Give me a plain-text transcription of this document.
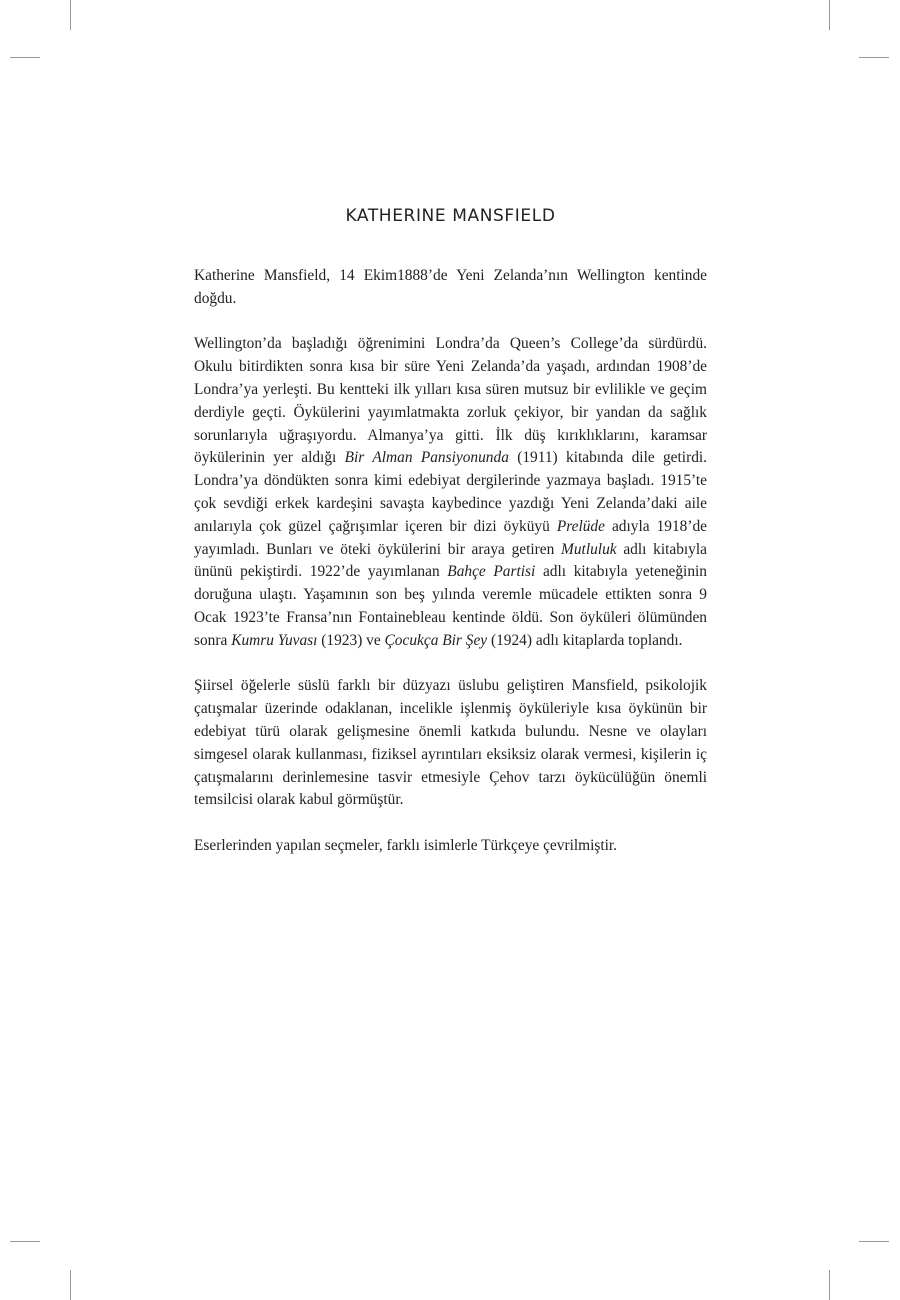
KATHERINE MANSFIELD

Katherine Mansfield, 14 Ekim1888’de Yeni Zelanda’nın Wellington kentinde doğdu.

Wellington’da başladığı öğrenimini Londra’da Queen’s College’da sürdürdü. Okulu bitirdikten sonra kısa bir süre Yeni Zelanda’da yaşadı, ardından 1908’de Londra’ya yerleşti. Bu kentteki ilk yılları kısa süren mutsuz bir evlilikle ve geçim derdiyle geçti. Öykülerini yayımlatmakta zorluk çekiyor, bir yandan da sağlık sorunlarıyla uğraşıyordu. Almanya’ya gitti. İlk düş kırıklıklarını, karamsar öykülerinin yer aldığı Bir Alman Pansiyonunda (1911) kitabında dile getirdi. Londra’ya döndükten sonra kimi edebiyat dergilerinde yazmaya başladı. 1915’te çok sevdiği erkek kardeşini savaşta kaybedince yazdığı Yeni Zelanda’daki aile anılarıyla çok güzel çağrışımlar içeren bir dizi öyküyü Prelüde adıyla 1918’de yayımladı. Bunları ve öteki öykülerini bir araya getiren Mutluluk adlı kitabıyla ününü pekiştirdi. 1922’de yayımlanan Bahçe Partisi adlı kitabıyla yeteneğinin doruğuna ulaştı. Yaşamının son beş yılında veremle mücadele ettikten sonra 9 Ocak 1923’te Fransa’nın Fontainebleau kentinde öldü. Son öyküleri ölümünden sonra Kumru Yuvası (1923) ve Çocukça Bir Şey (1924) adlı kitaplarda toplandı.

Şiirsel öğelerle süslü farklı bir düzyazı üslubu geliştiren Mansfield, psikolojik çatışmalar üzerinde odaklanan, incelikle işlenmiş öyküleriyle kısa öykünün bir edebiyat türü olarak gelişmesine önemli katkıda bulundu. Nesne ve olayları simgesel olarak kullanması, fiziksel ayrıntıları eksiksiz olarak vermesi, kişilerin iç çatışmalarını derinlemesine tasvir etmesiyle Çehov tarzı öykücülüğün önemli temsilcisi olarak kabul görmüştür.

Eserlerinden yapılan seçmeler, farklı isimlerle Türkçeye çevrilmiştir.
